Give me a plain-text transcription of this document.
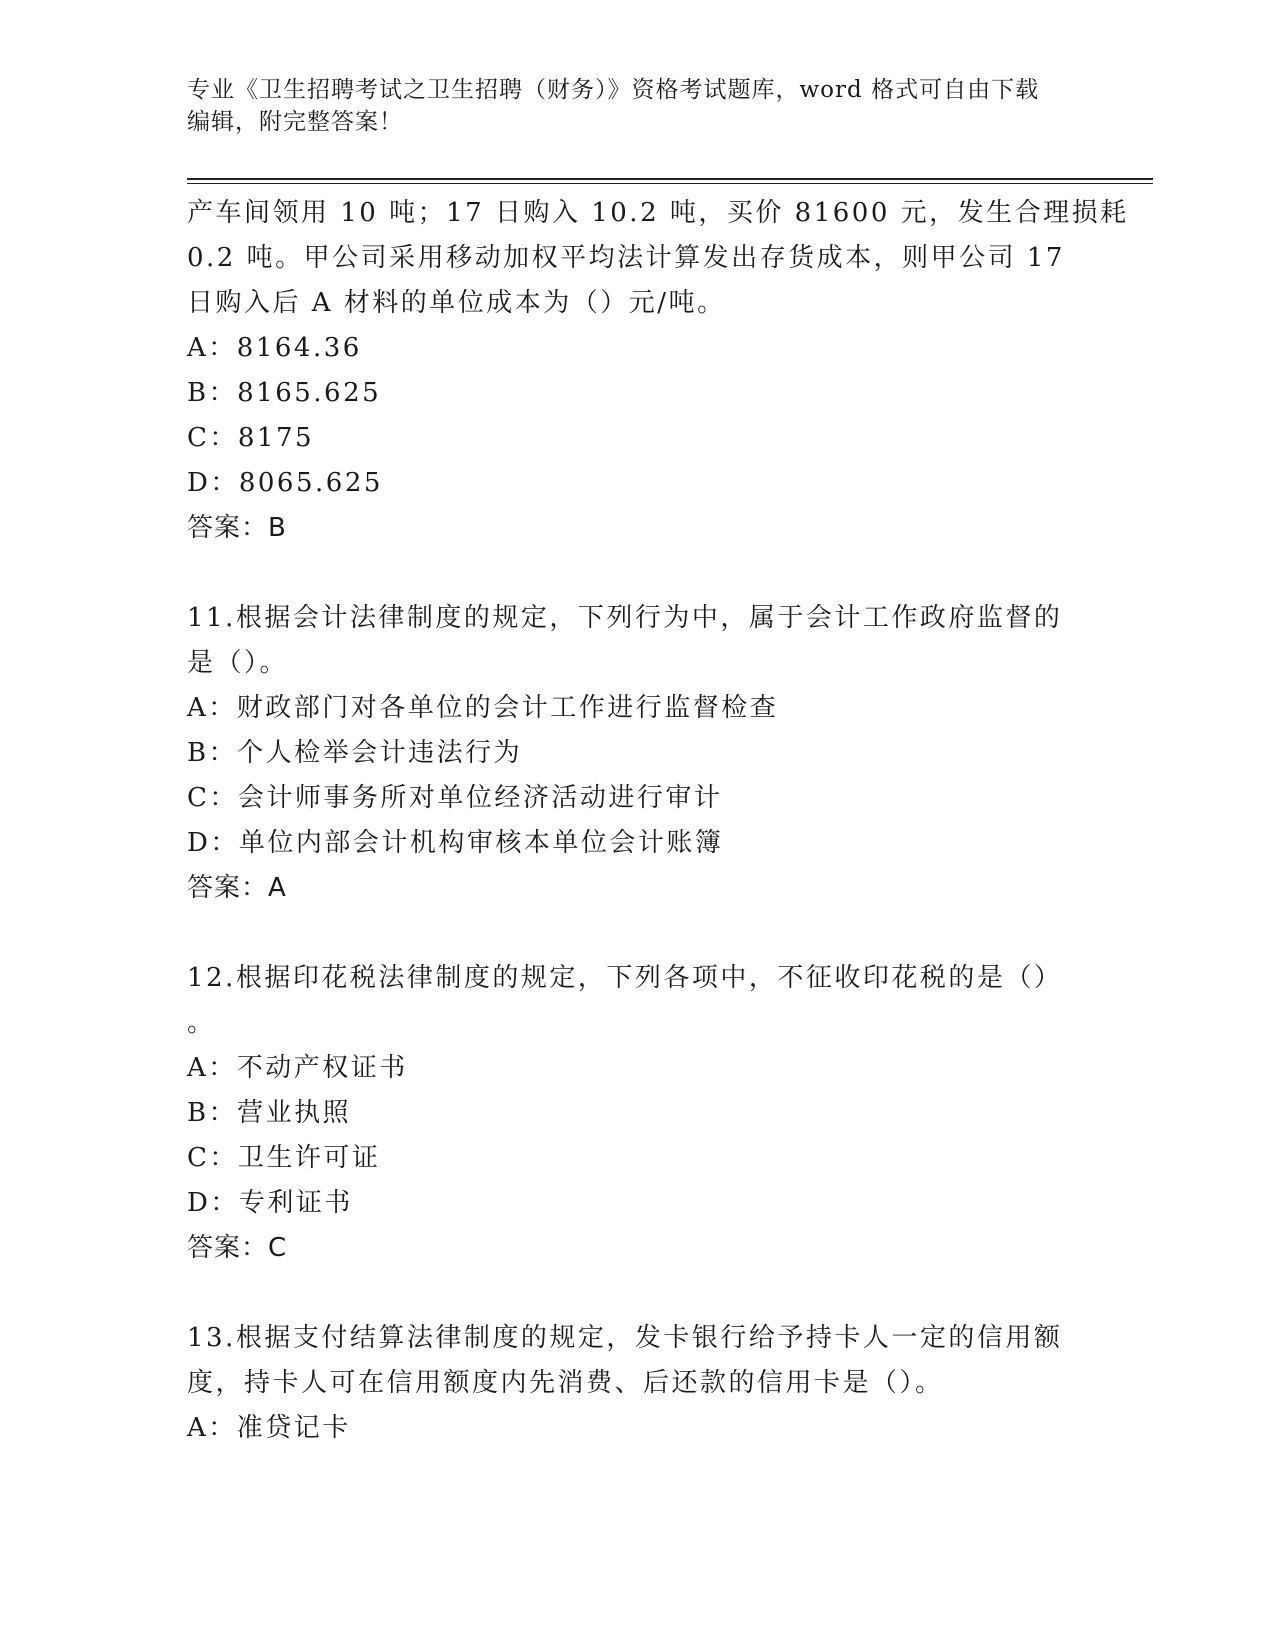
专业《卫生招聘考试之卫生招聘（财务）》资格考试题库，word 格式可自由下载
编辑，附完整答案！
产车间领用 10 吨；17 日购入 10.2 吨，买价 81600 元，发生合理损耗
0.2 吨。甲公司采用移动加权平均法计算发出存货成本，则甲公司 17
日购入后 A 材料的单位成本为（）元/吨。
A：8164.36
B：8165.625
C：8175
D：8065.625
答案：B
11.根据会计法律制度的规定，下列行为中，属于会计工作政府监督的
是（）。
A：财政部门对各单位的会计工作进行监督检查
B：个人检举会计违法行为
C：会计师事务所对单位经济活动进行审计
D：单位内部会计机构审核本单位会计账簿
答案：A
12.根据印花税法律制度的规定，下列各项中，不征收印花税的是（）
。
A：不动产权证书
B：营业执照
C：卫生许可证
D：专利证书
答案：C
13.根据支付结算法律制度的规定，发卡银行给予持卡人一定的信用额
度，持卡人可在信用额度内先消费、后还款的信用卡是（）。
A：准贷记卡
